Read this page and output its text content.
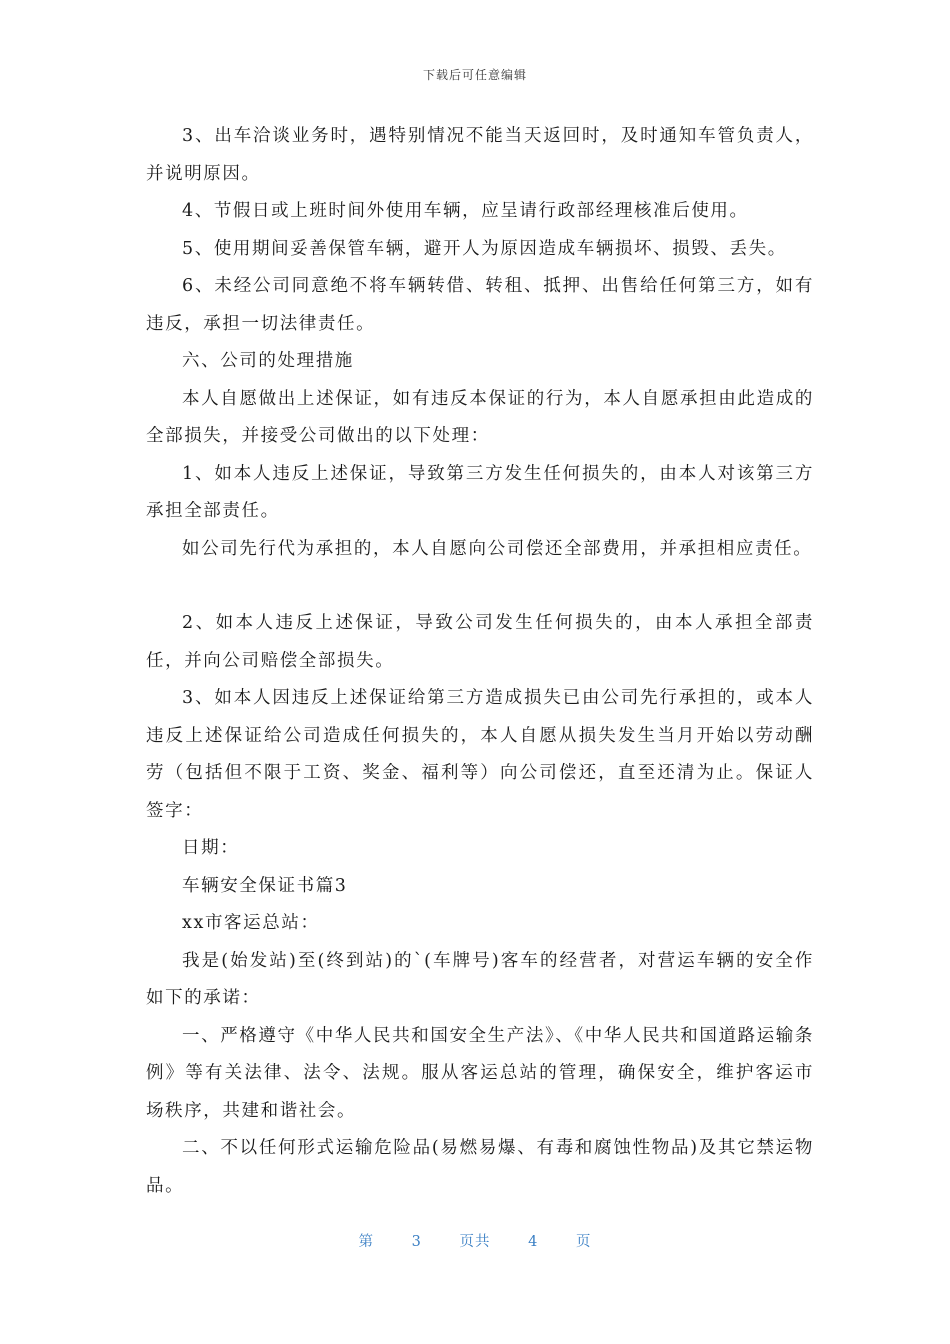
下载后可任意编辑

3、出车洽谈业务时，遇特别情况不能当天返回时，及时通知车管负责人，并说明原因。

4、节假日或上班时间外使用车辆，应呈请行政部经理核准后使用。

5、使用期间妥善保管车辆，避开人为原因造成车辆损坏、损毁、丢失。

6、未经公司同意绝不将车辆转借、转租、抵押、出售给任何第三方，如有违反，承担一切法律责任。

六、公司的处理措施

本人自愿做出上述保证，如有违反本保证的行为，本人自愿承担由此造成的全部损失，并接受公司做出的以下处理：

1、如本人违反上述保证，导致第三方发生任何损失的，由本人对该第三方承担全部责任。

如公司先行代为承担的，本人自愿向公司偿还全部费用，并承担相应责任。

2、如本人违反上述保证，导致公司发生任何损失的，由本人承担全部责任，并向公司赔偿全部损失。

3、如本人因违反上述保证给第三方造成损失已由公司先行承担的，或本人违反上述保证给公司造成任何损失的，本人自愿从损失发生当月开始以劳动酬劳（包括但不限于工资、奖金、福利等）向公司偿还，直至还清为止。保证人签字：

日期：

车辆安全保证书篇3

xx市客运总站：

我是(始发站)至(终到站)的`(车牌号)客车的经营者，对营运车辆的安全作如下的承诺：

一、严格遵守《中华人民共和国安全生产法》、《中华人民共和国道路运输条例》等有关法律、法令、法规。服从客运总站的管理，确保安全，维护客运市场秩序，共建和谐社会。

二、不以任何形式运输危险品(易燃易爆、有毒和腐蚀性物品)及其它禁运物品。

第	3	页共	4	页
